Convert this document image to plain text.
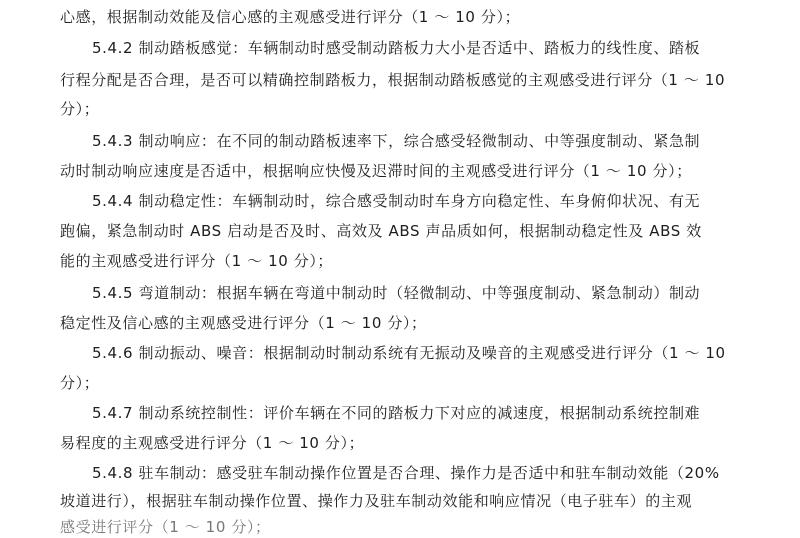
心感，根据制动效能及信心感的主观感受进行评分（1 ～ 10 分）；
5.4.2 制动踏板感觉：车辆制动时感受制动踏板力大小是否适中、踏板力的线性度、踏板
行程分配是否合理，是否可以精确控制踏板力，根据制动踏板感觉的主观感受进行评分（1 ～ 10
分）；
5.4.3 制动响应：在不同的制动踏板速率下，综合感受轻微制动、中等强度制动、紧急制
动时制动响应速度是否适中，根据响应快慢及迟滞时间的主观感受进行评分（1 ～ 10 分）；
5.4.4 制动稳定性：车辆制动时，综合感受制动时车身方向稳定性、车身俯仰状况、有无
跑偏，紧急制动时 ABS 启动是否及时、高效及 ABS 声品质如何，根据制动稳定性及 ABS 效
能的主观感受进行评分（1 ～ 10 分）；
5.4.5 弯道制动：根据车辆在弯道中制动时（轻微制动、中等强度制动、紧急制动）制动
稳定性及信心感的主观感受进行评分（1 ～ 10 分）；
5.4.6 制动振动、噪音：根据制动时制动系统有无振动及噪音的主观感受进行评分（1 ～ 10
分）；
5.4.7 制动系统控制性：评价车辆在不同的踏板力下对应的减速度，根据制动系统控制难
易程度的主观感受进行评分（1 ～ 10 分）；
5.4.8 驻车制动：感受驻车制动操作位置是否合理、操作力是否适中和驻车制动效能（20%
坡道进行），根据驻车制动操作位置、操作力及驻车制动效能和响应情况（电子驻车）的主观
感受进行评分（1 ～ 10 分）；
